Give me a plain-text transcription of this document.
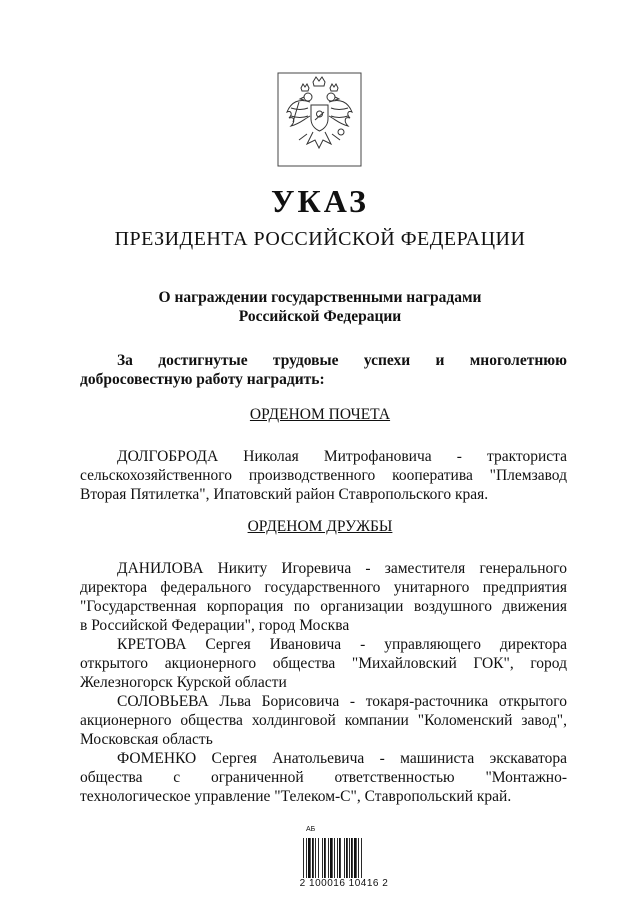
УКАЗ
ПРЕЗИДЕНТА РОССИЙСКОЙ ФЕДЕРАЦИИ
О награждении государственными наградами
Российской Федерации
За достигнутые трудовые успехи и многолетнюю
добросовестную работу наградить:
ОРДЕНОМ ПОЧЕТА
ДОЛГОБРОДА Николая Митрофановича - тракториста
сельскохозяйственного производственного кооператива "Племзавод
Вторая Пятилетка", Ипатовский район Ставропольского края.
ОРДЕНОМ ДРУЖБЫ
ДАНИЛОВА Никиту Игоревича - заместителя генерального
директора федерального государственного унитарного предприятия
"Государственная корпорация по организации воздушного движения
в Российской Федерации", город Москва
КРЕТОВА Сергея Ивановича - управляющего директора
открытого акционерного общества "Михайловский ГОК", город
Железногорск Курской области
СОЛОВЬЕВА Льва Борисовича - токаря-расточника открытого
акционерного общества холдинговой компании "Коломенский завод",
Московская область
ФОМЕНКО Сергея Анатольевича - машиниста экскаватора
общества с ограниченной ответственностью "Монтажно-
технологическое управление "Телеком-С", Ставропольский край.
АБ
2 100016 10416 2
